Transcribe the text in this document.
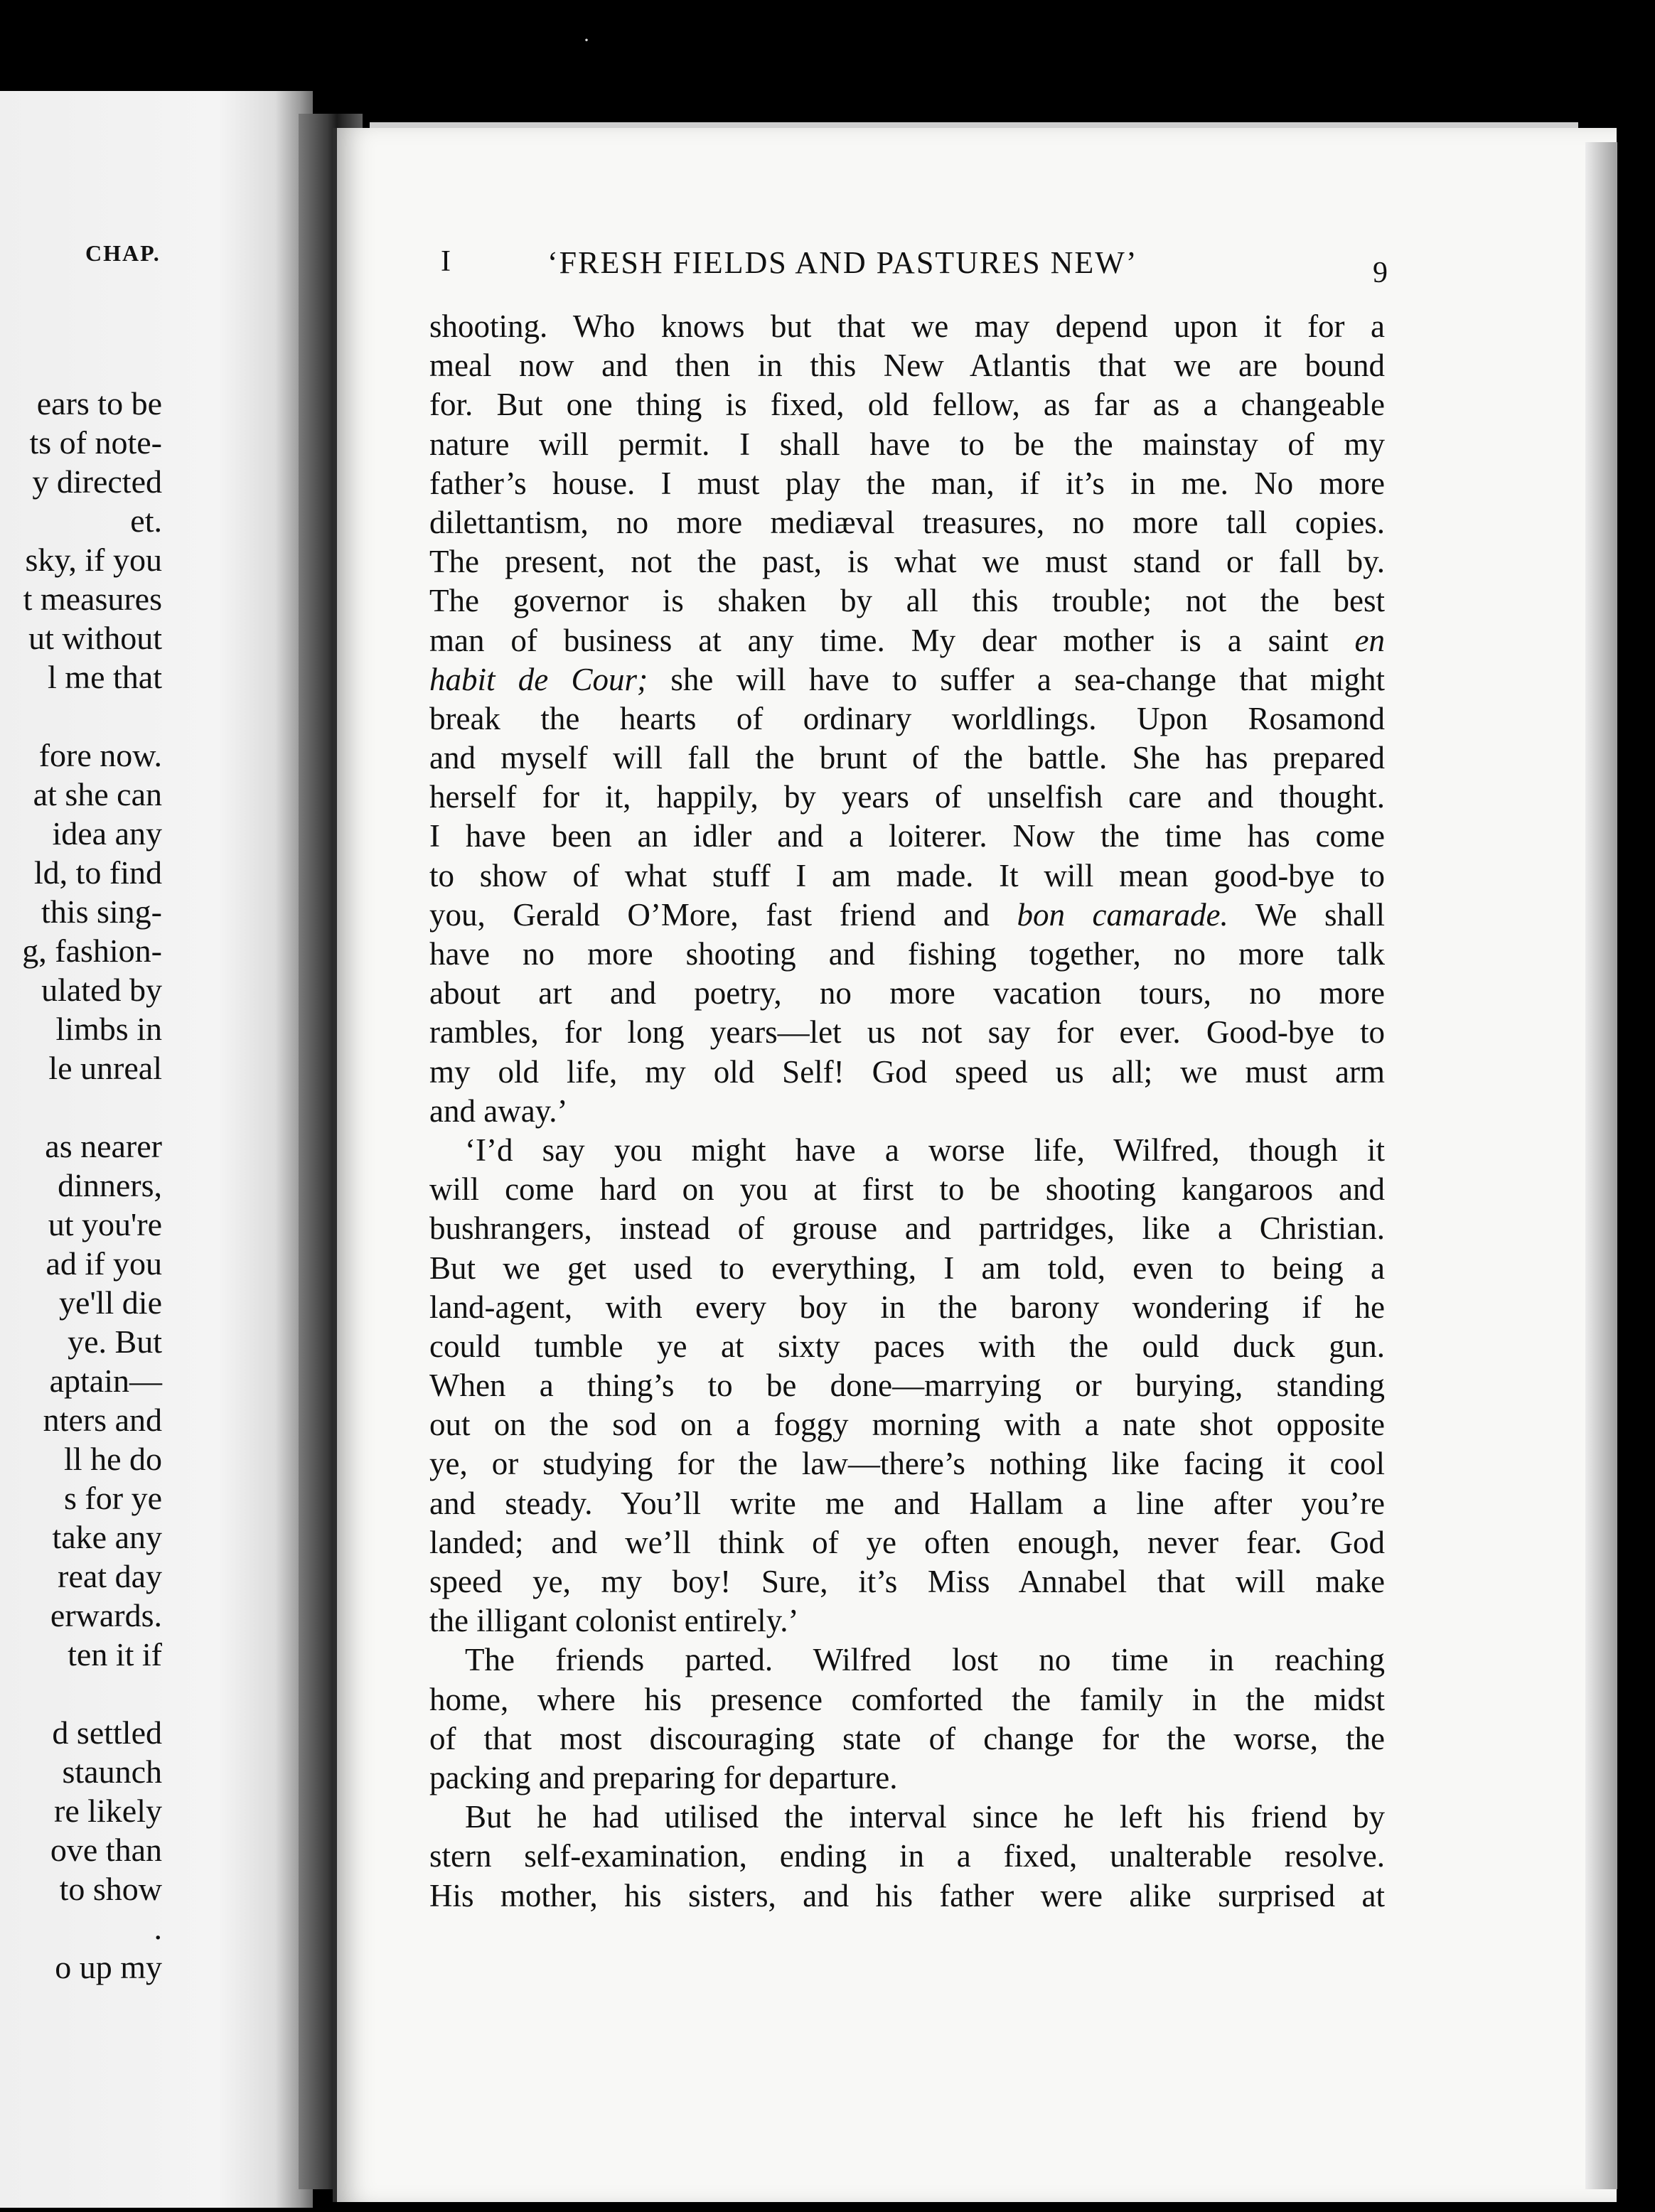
·
CHAP.
ears to be
ts of note-
y directed
et.
sky, if you
t measures
ut without
l me that

fore now.
at she can
idea any
ld, to find
this sing-
g, fashion-
ulated by
limbs in
le unreal

as nearer
dinners,
ut you're
ad if you
ye'll die
ye. But
aptain—
nters and
ll he do
s for ye
take any
reat day
erwards.
ten it if

d settled
staunch
re likely
ove than
to show
.
o up my
I	‘FRESH FIELDS AND PASTURES NEW’	9
shooting. Who knows but that we may depend upon it for a
meal now and then in this New Atlantis that we are bound
for. But one thing is fixed, old fellow, as far as a changeable
nature will permit. I shall have to be the mainstay of my
father’s house. I must play the man, if it’s in me. No more
dilettantism, no more mediæval treasures, no more tall copies.
The present, not the past, is what we must stand or fall by.
The governor is shaken by all this trouble; not the best
man of business at any time. My dear mother is a saint en
habit de Cour; she will have to suffer a sea-change that might
break the hearts of ordinary worldlings. Upon Rosamond
and myself will fall the brunt of the battle. She has prepared
herself for it, happily, by years of unselfish care and thought.
I have been an idler and a loiterer. Now the time has come
to show of what stuff I am made. It will mean good-bye to
you, Gerald O’More, fast friend and bon camarade. We shall
have no more shooting and fishing together, no more talk
about art and poetry, no more vacation tours, no more
rambles, for long years—let us not say for ever. Good-bye to
my old life, my old Self! God speed us all; we must arm
and away.’
‘I’d say you might have a worse life, Wilfred, though it
will come hard on you at first to be shooting kangaroos and
bushrangers, instead of grouse and partridges, like a Christian.
But we get used to everything, I am told, even to being a
land-agent, with every boy in the barony wondering if he
could tumble ye at sixty paces with the ould duck gun.
When a thing’s to be done—marrying or burying, standing
out on the sod on a foggy morning with a nate shot opposite
ye, or studying for the law—there’s nothing like facing it cool
and steady. You’ll write me and Hallam a line after you’re
landed; and we’ll think of ye often enough, never fear. God
speed ye, my boy! Sure, it’s Miss Annabel that will make
the illigant colonist entirely.’
The friends parted. Wilfred lost no time in reaching
home, where his presence comforted the family in the midst
of that most discouraging state of change for the worse, the
packing and preparing for departure.
But he had utilised the interval since he left his friend by
stern self-examination, ending in a fixed, unalterable resolve.
His mother, his sisters, and his father were alike surprised at
